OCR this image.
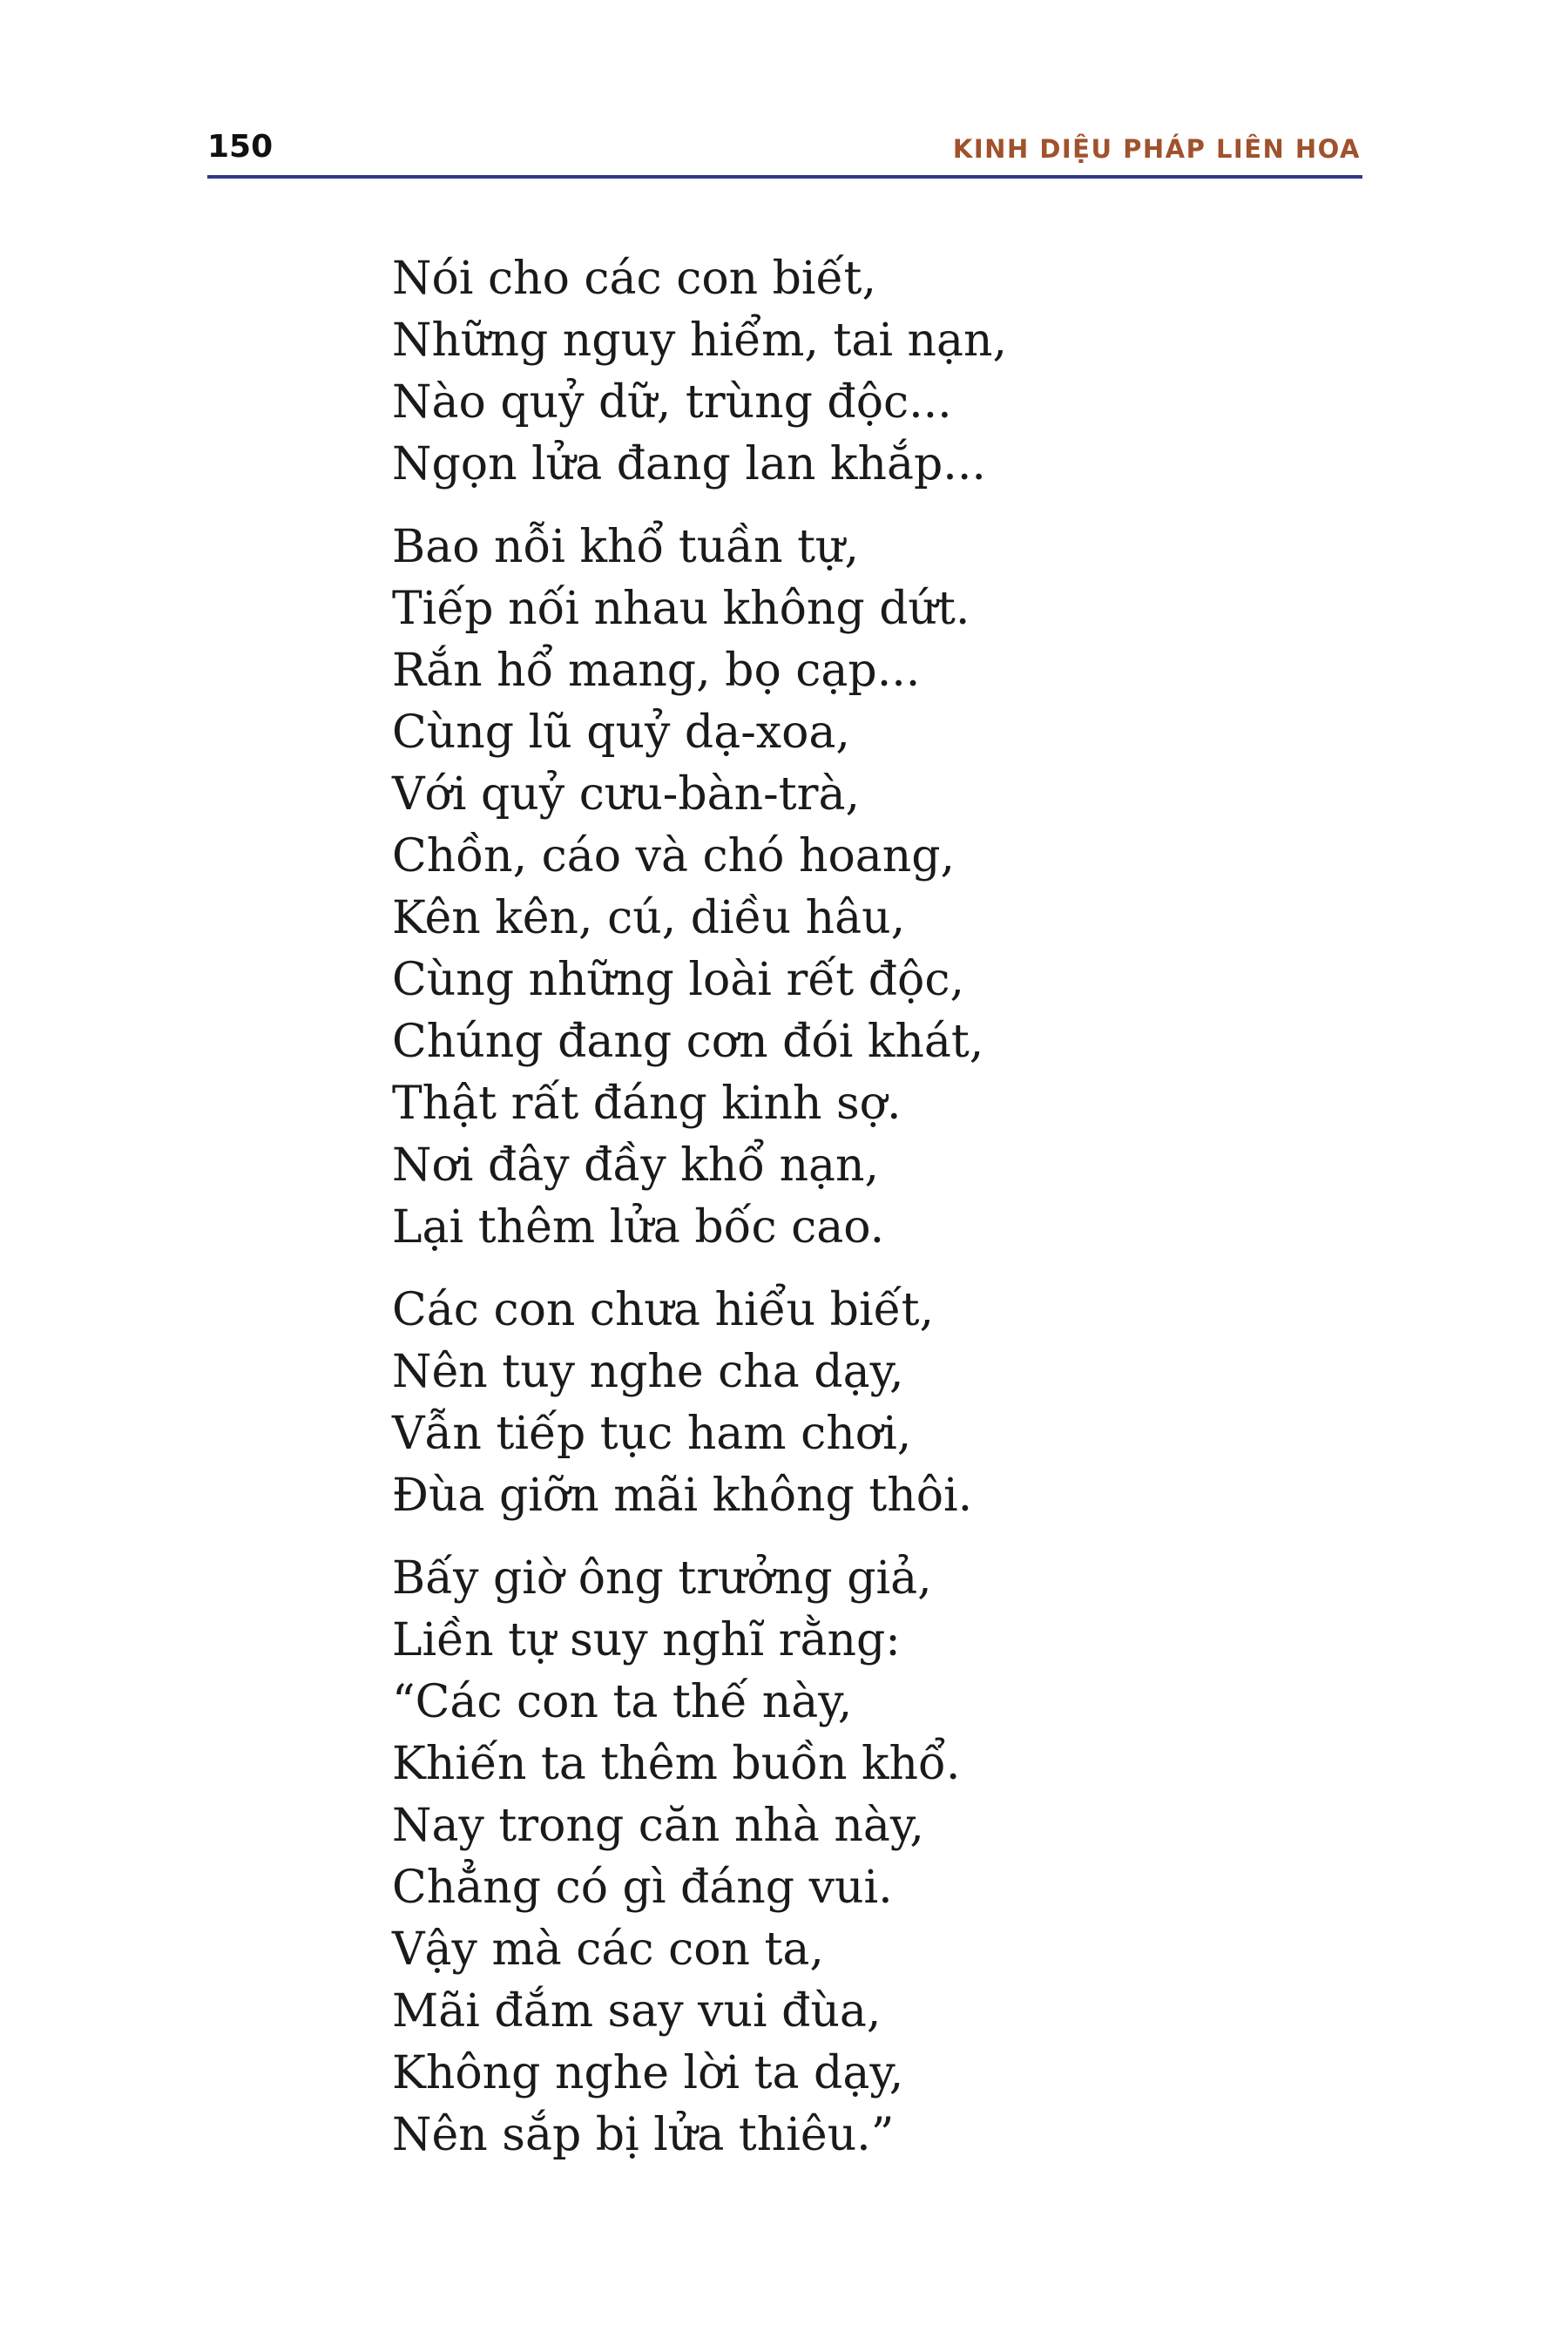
150	KINH DIỆU PHÁP LIÊN HOA
Nói cho các con biết,
Những nguy hiểm, tai nạn,
Nào quỷ dữ, trùng độc...
Ngọn lửa đang lan khắp...
Bao nỗi khổ tuần tự,
Tiếp nối nhau không dứt.
Rắn hổ mang, bọ cạp...
Cùng lũ quỷ dạ-xoa,
Với quỷ cưu-bàn-trà,
Chồn, cáo và chó hoang,
Kên kên, cú, diều hâu,
Cùng những loài rết độc,
Chúng đang cơn đói khát,
Thật rất đáng kinh sợ.
Nơi đây đầy khổ nạn,
Lại thêm lửa bốc cao.
Các con chưa hiểu biết,
Nên tuy nghe cha dạy,
Vẫn tiếp tục ham chơi,
Đùa giỡn mãi không thôi.
Bấy giờ ông trưởng giả,
Liền tự suy nghĩ rằng:
“Các con ta thế này,
Khiến ta thêm buồn khổ.
Nay trong căn nhà này,
Chẳng có gì đáng vui.
Vậy mà các con ta,
Mãi đắm say vui đùa,
Không nghe lời ta dạy,
Nên sắp bị lửa thiêu.”
